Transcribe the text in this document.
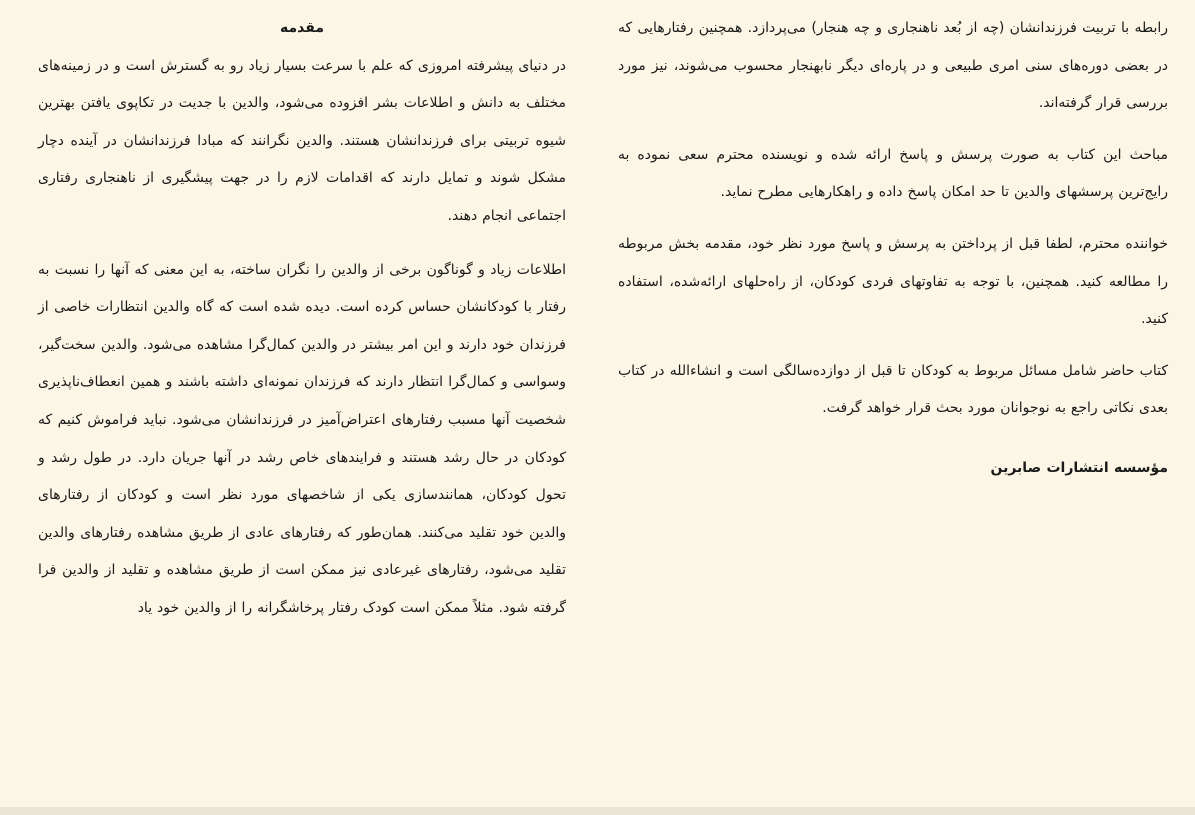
مقدمه

در دنیای پیشرفته امروزی که علم با سرعت بسیار زیاد رو به گسترش است و در زمینه‌های مختلف به دانش و اطلاعات بشر افزوده می‌شود، والدین با جدیت در تکاپوی یافتن بهترین شیوه تربیتی برای فرزندانشان هستند. والدین نگرانند که مبادا فرزندانشان در آینده دچار مشکل شوند و تمایل دارند که اقدامات لازم را در جهت پیشگیری از ناهنجاری رفتاری اجتماعی انجام دهند.

اطلاعات زیاد و گوناگون برخی از والدین را نگران ساخته، به این معنی که آنها را نسبت به رفتار با کودکانشان حساس کرده است. دیده شده است که گاه والدین انتظارات خاصی از فرزندان خود دارند و این امر بیشتر در والدین کمال‌گرا مشاهده می‌شود. والدین سخت‌گیر، وسواسی و کمال‌گرا انتظار دارند که فرزندان نمونه‌ای داشته باشند و همین انعطاف‌ناپذیری شخصیت آنها مسبب رفتارهای اعتراض‌آمیز در فرزندانشان می‌شود. نباید فراموش کنیم که کودکان در حال رشد هستند و فرایندهای خاص رشد در آنها جریان دارد. در طول رشد و تحول کودکان، همانندسازی یکی از شاخصهای مورد نظر است و کودکان از رفتارهای والدین خود تقلید می‌کنند. همان‌طور که رفتارهای عادی از طریق مشاهده رفتارهای والدین تقلید می‌شود، رفتارهای غیرعادی نیز ممکن است از طریق مشاهده و تقلید از والدین فرا گرفته شود. مثلاً ممکن است کودک رفتار پرخاشگرانه را از والدین خود یاد

رابطه با تربیت فرزندانشان (چه از بُعد ناهنجاری و چه هنجار) می‌پردازد. همچنین رفتارهایی که در بعضی دوره‌های سنی امری طبیعی و در پاره‌ای دیگر نابهنجار محسوب می‌شوند، نیز مورد بررسی قرار گرفته‌اند.

مباحث این کتاب به صورت پرسش و پاسخ ارائه شده و نویسنده محترم سعی نموده به رایج‌ترین پرسشهای والدین تا حد امکان پاسخ داده و راهکارهایی مطرح نماید.

خواننده محترم، لطفا قبل از پرداختن به پرسش و پاسخ مورد نظر خود، مقدمه بخش مربوطه را مطالعه کنید. همچنین، با توجه به تفاوتهای فردی کودکان، از راه‌حلهای ارائه‌شده، استفاده کنید.

کتاب حاضر شامل مسائل مربوط به کودکان تا قبل از دوازده‌سالگی است و انشاءالله در کتاب بعدی نکاتی راجع به نوجوانان مورد بحث قرار خواهد گرفت.

مؤسسه انتشارات صابرین
